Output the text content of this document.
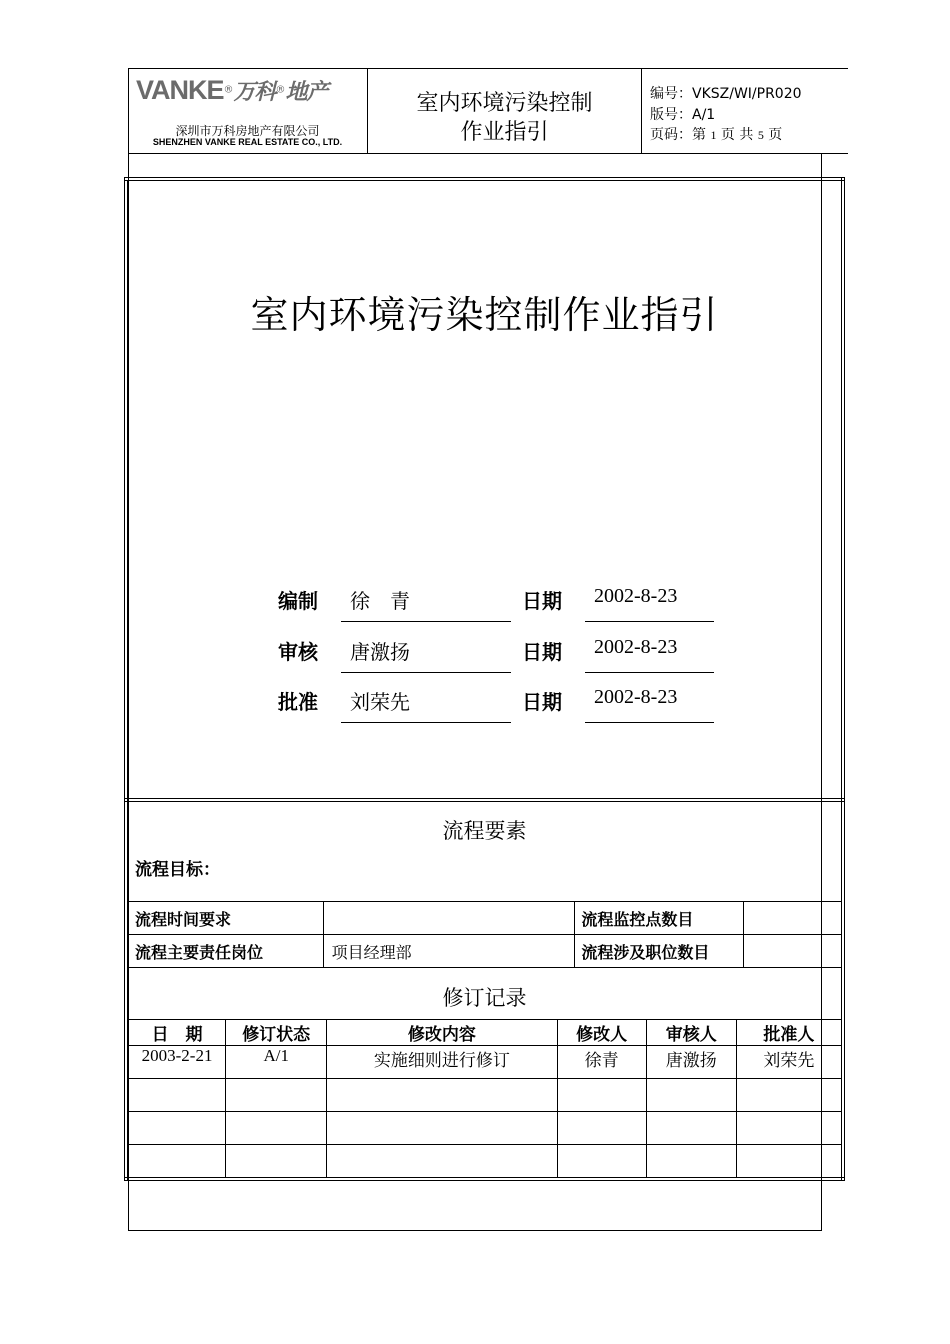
VANKE®万科®地产
深圳市万科房地产有限公司
SHENZHEN VANKE REAL ESTATE CO., LTD.
室内环境污染控制
作业指引
编号：VKSZ/WI/PR020
版号：A/1
页码：第 1 页 共 5 页
室内环境污染控制作业指引
编制 徐　青	日期 2002-8-23
审核 唐激扬	日期 2002-8-23
批准 刘荣先	日期 2002-8-23
流程要素
流程目标：
流程时间要求		流程监控点数目	
流程主要责任岗位	项目经理部	流程涉及职位数目	
修订记录
日　期	修订状态	修改内容	修改人	审核人	批准人
2003-2-21	A/1	实施细则进行修订	徐青	唐激扬	刘荣先
